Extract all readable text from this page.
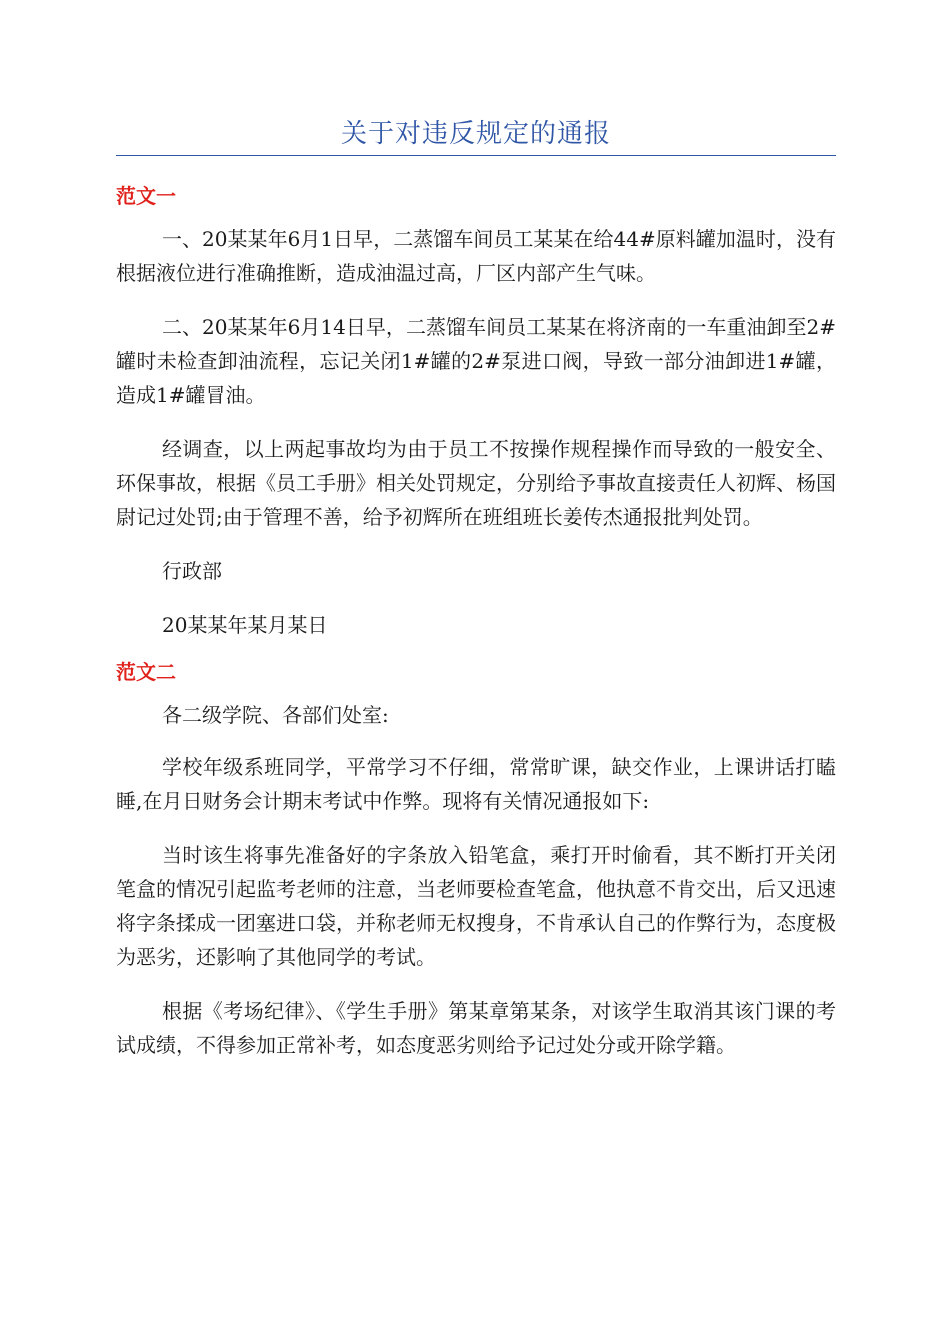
关于对违反规定的通报
范文一

一、20某某年6月1日早，二蒸馏车间员工某某在给44#原料罐加温时，没有根据液位进行准确推断，造成油温过高，厂区内部产生气味。

二、20某某年6月14日早，二蒸馏车间员工某某在将济南的一车重油卸至2#罐时未检查卸油流程，忘记关闭1#罐的2#泵进口阀，导致一部分油卸进1#罐，造成1#罐冒油。

经调查，以上两起事故均为由于员工不按操作规程操作而导致的一般安全、环保事故，根据《员工手册》相关处罚规定，分别给予事故直接责任人初辉、杨国尉记过处罚;由于管理不善，给予初辉所在班组班长姜传杰通报批判处罚。

行政部

20某某年某月某日

范文二

各二级学院、各部们处室:

学校年级系班同学，平常学习不仔细，常常旷课，缺交作业，上课讲话打瞌睡,在月日财务会计期末考试中作弊。现将有关情况通报如下:

当时该生将事先准备好的字条放入铅笔盒，乘打开时偷看，其不断打开关闭笔盒的情况引起监考老师的注意，当老师要检查笔盒，他执意不肯交出，后又迅速将字条揉成一团塞进口袋，并称老师无权搜身，不肯承认自己的作弊行为，态度极为恶劣，还影响了其他同学的考试。

根据《考场纪律》、《学生手册》第某章第某条，对该学生取消其该门课的考试成绩，不得参加正常补考，如态度恶劣则给予记过处分或开除学籍。
